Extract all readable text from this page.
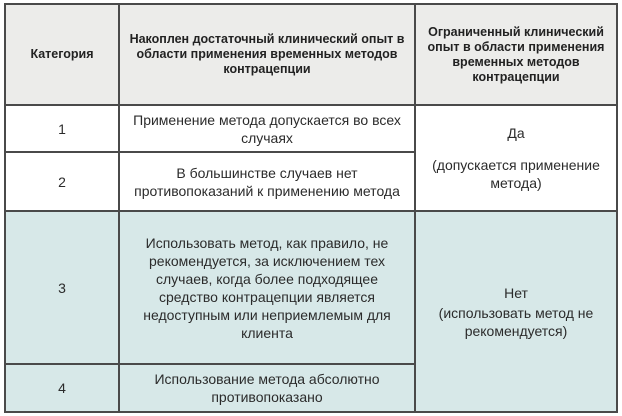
Категория	Накоплен достаточный клинический опыт в области применения временных методов контрацепции	Ограниченный клинический опыт в области применения временных методов контрацепции
1	Применение метода допускается во всех случаях	Да
(допускается применение метода)

2	В большинстве случаев нет противопоказаний к применению метода	
3	Использовать метод, как правило, не рекомендуется, за исключением тех случаев, когда более подходящее средство контрацепции является недоступным или неприемлемым для клиента	Нет
(использовать метод не рекомендуется)

4	Использование метода абсолютно противопоказано	
